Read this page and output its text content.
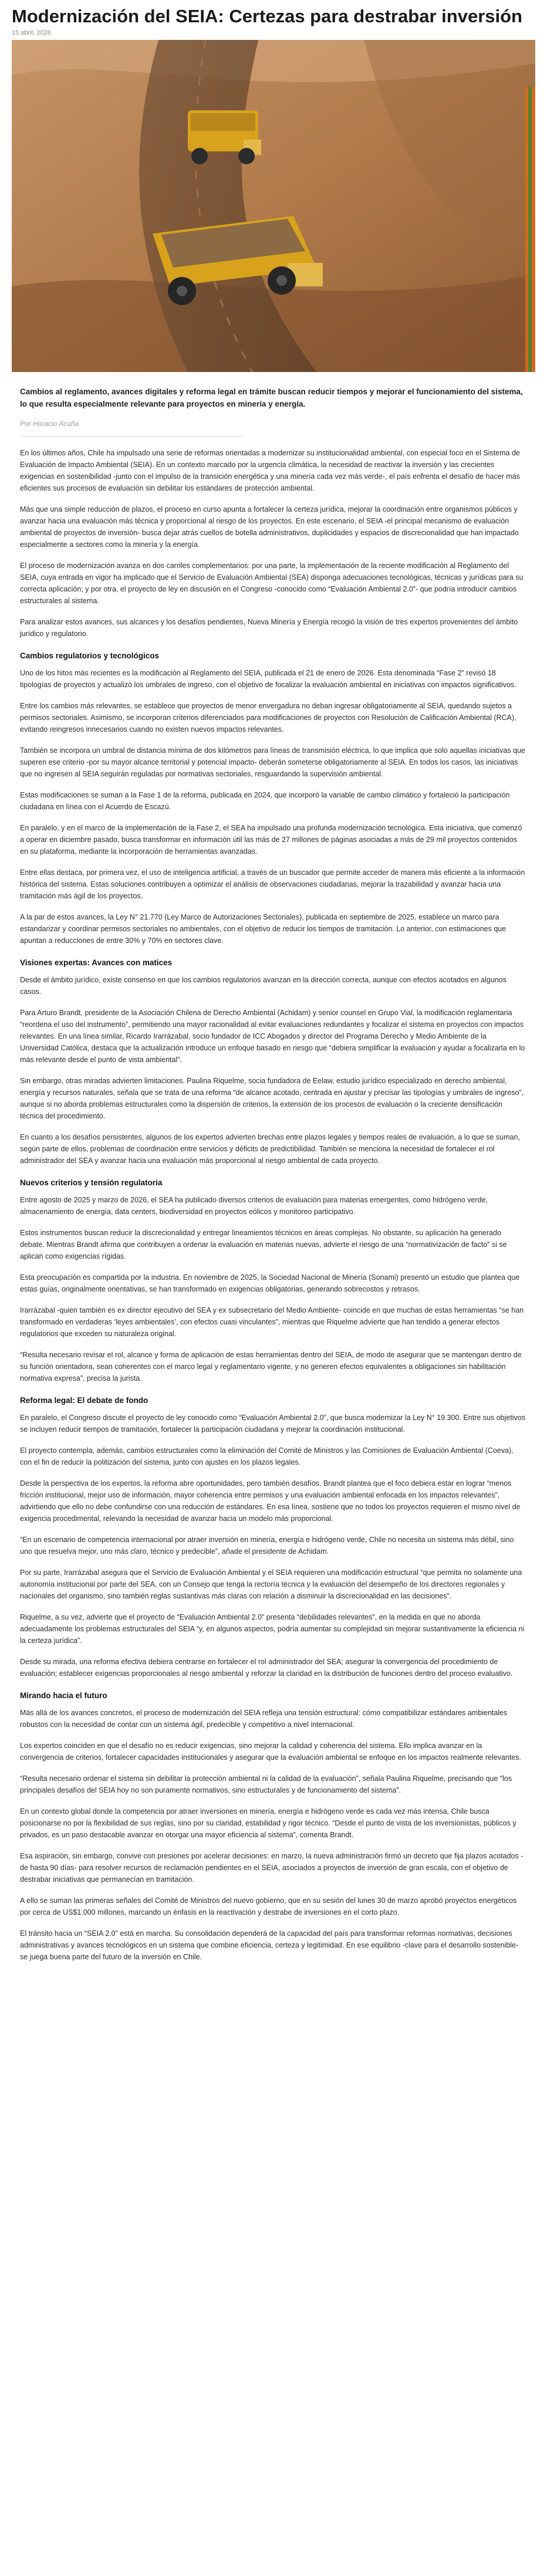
Modernización del SEIA: Certezas para destrabar inversión
15 abril, 2026

Cambios al reglamento, avances digitales y reforma legal en trámite buscan reducir tiempos y mejorar el funcionamiento del sistema, lo que resulta especialmente relevante para proyectos en minería y energía.

Por Horacio Acuña

En los últimos años, Chile ha impulsado una serie de reformas orientadas a modernizar su institucionalidad ambiental, con especial foco en el Sistema de Evaluación de Impacto Ambiental (SEIA). En un contexto marcado por la urgencia climática, la necesidad de reactivar la inversión y las crecientes exigencias en sostenibilidad -junto con el impulso de la transición energética y una minería cada vez más verde-, el país enfrenta el desafío de hacer más eficientes sus procesos de evaluación sin debilitar los estándares de protección ambiental.

Más que una simple reducción de plazos, el proceso en curso apunta a fortalecer la certeza jurídica, mejorar la coordinación entre organismos públicos y avanzar hacia una evaluación más técnica y proporcional al riesgo de los proyectos. En este escenario, el SEIA -el principal mecanismo de evaluación ambiental de proyectos de inversión- busca dejar atrás cuellos de botella administrativos, duplicidades y espacios de discrecionalidad que han impactado especialmente a sectores como la minería y la energía.

El proceso de modernización avanza en dos carriles complementarios: por una parte, la implementación de la reciente modificación al Reglamento del SEIA, cuya entrada en vigor ha implicado que el Servicio de Evaluación Ambiental (SEA) disponga adecuaciones tecnológicas, técnicas y jurídicas para su correcta aplicación; y por otra, el proyecto de ley en discusión en el Congreso -conocido como “Evaluación Ambiental 2.0”- que podría introducir cambios estructurales al sistema.

Para analizar estos avances, sus alcances y los desafíos pendientes, Nueva Minería y Energía recogió la visión de tres expertos provenientes del ámbito jurídico y regulatorio.

Cambios regulatorios y tecnológicos

Uno de los hitos más recientes es la modificación al Reglamento del SEIA, publicada el 21 de enero de 2026. Esta denominada “Fase 2” revisó 18 tipologías de proyectos y actualizó los umbrales de ingreso, con el objetivo de focalizar la evaluación ambiental en iniciativas con impactos significativos.

Entre los cambios más relevantes, se establece que proyectos de menor envergadura no deban ingresar obligatoriamente al SEIA, quedando sujetos a permisos sectoriales. Asimismo, se incorporan criterios diferenciados para modificaciones de proyectos con Resolución de Calificación Ambiental (RCA), evitando reingresos innecesarios cuando no existen nuevos impactos relevantes.

También se incorpora un umbral de distancia mínima de dos kilómetros para líneas de transmisión eléctrica, lo que implica que solo aquellas iniciativas que superen ese criterio -por su mayor alcance territorial y potencial impacto- deberán someterse obligatoriamente al SEIA. En todos los casos, las iniciativas que no ingresen al SEIA seguirán reguladas por normativas sectoriales, resguardando la supervisión ambiental.

Estas modificaciones se suman a la Fase 1 de la reforma, publicada en 2024, que incorporó la variable de cambio climático y fortaleció la participación ciudadana en línea con el Acuerdo de Escazú.

En paralelo, y en el marco de la implementación de la Fase 2, el SEA ha impulsado una profunda modernización tecnológica. Esta iniciativa, que comenzó a operar en diciembre pasado, busca transformar en información útil las más de 27 millones de páginas asociadas a más de 29 mil proyectos contenidos en su plataforma, mediante la incorporación de herramientas avanzadas.

Entre ellas destaca, por primera vez, el uso de inteligencia artificial, a través de un buscador que permite acceder de manera más eficiente a la información histórica del sistema. Estas soluciones contribuyen a optimizar el análisis de observaciones ciudadanas, mejorar la trazabilidad y avanzar hacia una tramitación más ágil de los proyectos.

A la par de estos avances, la Ley N° 21.770 (Ley Marco de Autorizaciones Sectoriales), publicada en septiembre de 2025, establece un marco para estandarizar y coordinar permisos sectoriales no ambientales, con el objetivo de reducir los tiempos de tramitación. Lo anterior, con estimaciones que apuntan a reducciones de entre 30% y 70% en sectores clave.

Visiones expertas: Avances con matices

Desde el ámbito jurídico, existe consenso en que los cambios regulatorios avanzan en la dirección correcta, aunque con efectos acotados en algunos casos.

Para Arturo Brandt, presidente de la Asociación Chilena de Derecho Ambiental (Achidam) y senior counsel en Grupo Vial, la modificación reglamentaria “reordena el uso del instrumento”, permitiendo una mayor racionalidad al evitar evaluaciones redundantes y focalizar el sistema en proyectos con impactos relevantes. En una línea similar, Ricardo Irarrázabal, socio fundador de ICC Abogados y director del Programa Derecho y Medio Ambiente de la Universidad Católica, destaca que la actualización introduce un enfoque basado en riesgo que “debiera simplificar la evaluación y ayudar a focalizarla en lo más relevante desde el punto de vista ambiental”.

Sin embargo, otras miradas advierten limitaciones. Paulina Riquelme, socia fundadora de Eelaw, estudio jurídico especializado en derecho ambiental, energía y recursos naturales, señala que se trata de una reforma “de alcance acotado, centrada en ajustar y precisar las tipologías y umbrales de ingreso”, aunque si no aborda problemas estructurales como la dispersión de criterios, la extensión de los procesos de evaluación o la creciente densificación técnica del procedimiento.

En cuanto a los desafíos persistentes, algunos de los expertos advierten brechas entre plazos legales y tiempos reales de evaluación, a lo que se suman, según parte de ellos, problemas de coordinación entre servicios y déficits de predictibilidad. También se menciona la necesidad de fortalecer el rol administrador del SEA y avanzar hacia una evaluación más proporcional al riesgo ambiental de cada proyecto.

Nuevos criterios y tensión regulatoria

Entre agosto de 2025 y marzo de 2026, el SEA ha publicado diversos criterios de evaluación para materias emergentes, como hidrógeno verde, almacenamiento de energía, data centers, biodiversidad en proyectos eólicos y monitoreo participativo.

Estos instrumentos buscan reducir la discrecionalidad y entregar lineamientos técnicos en áreas complejas. No obstante, su aplicación ha generado debate. Mientras Brandt afirma que contribuyen a ordenar la evaluación en materias nuevas, advierte el riesgo de una “normativización de facto” si se aplican como exigencias rígidas.

Esta preocupación es compartida por la industria. En noviembre de 2025, la Sociedad Nacional de Minería (Sonami) presentó un estudio que plantea que estas guías, originalmente orientativas, se han transformado en exigencias obligatorias, generando sobrecostos y retrasos.

Irarrázabal -quien también es ex director ejecutivo del SEA y ex subsecretario del Medio Ambiente- coincide en que muchas de estas herramientas “se han transformado en verdaderas ‘leyes ambientales’, con efectos cuasi vinculantes”, mientras que Riquelme advierte que han tendido a generar efectos regulatorios que exceden su naturaleza original.

“Resulta necesario revisar el rol, alcance y forma de aplicación de estas herramientas dentro del SEIA, de modo de asegurar que se mantengan dentro de su función orientadora, sean coherentes con el marco legal y reglamentario vigente, y no generen efectos equivalentes a obligaciones sin habilitación normativa expresa”, precisa la jurista.

Reforma legal: El debate de fondo

En paralelo, el Congreso discute el proyecto de ley conocido como “Evaluación Ambiental 2.0”, que busca modernizar la Ley N° 19.300. Entre sus objetivos se incluyen reducir tiempos de tramitación, fortalecer la participación ciudadana y mejorar la coordinación institucional.

El proyecto contempla, además, cambios estructurales como la eliminación del Comité de Ministros y las Comisiones de Evaluación Ambiental (Coeva), con el fin de reducir la politización del sistema, junto con ajustes en los plazos legales.

Desde la perspectiva de los expertos, la reforma abre oportunidades, pero también desafíos. Brandt plantea que el foco debiera estar en lograr “menos fricción institucional, mejor uso de información, mayor coherencia entre permisos y una evaluación ambiental enfocada en los impactos relevantes”, advirtiendo que ello no debe confundirse con una reducción de estándares. En esa línea, sostiene que no todos los proyectos requieren el mismo nivel de exigencia procedimental, relevando la necesidad de avanzar hacia un modelo más proporcional.

“En un escenario de competencia internacional por atraer inversión en minería, energía e hidrógeno verde, Chile no necesita un sistema más débil, sino uno que resuelva mejor, uno más claro, técnico y predecible”, añade el presidente de Achidam.

Por su parte, Irarrázabal asegura que el Servicio de Evaluación Ambiental y el SEIA requieren una modificación estructural “que permita no solamente una autonomía institucional por parte del SEA, con un Consejo que tenga la rectoría técnica y la evaluación del desempeño de los directores regionales y nacionales del organismo, sino también reglas sustantivas más claras con relación a disminuir la discrecionalidad en las decisiones”.

Riquelme, a su vez, advierte que el proyecto de “Evaluación Ambiental 2.0” presenta “debilidades relevantes”, en la medida en que no aborda adecuadamente los problemas estructurales del SEIA “y, en algunos aspectos, podría aumentar su complejidad sin mejorar sustantivamente la eficiencia ni la certeza jurídica”.

Desde su mirada, una reforma efectiva debiera centrarse en fortalecer el rol administrador del SEA; asegurar la convergencia del procedimiento de evaluación; establecer exigencias proporcionales al riesgo ambiental y reforzar la claridad en la distribución de funciones dentro del proceso evaluativo.

Mirando hacia el futuro

Más allá de los avances concretos, el proceso de modernización del SEIA refleja una tensión estructural: cómo compatibilizar estándares ambientales robustos con la necesidad de contar con un sistema ágil, predecible y competitivo a nivel internacional.

Los expertos coinciden en que el desafío no es reducir exigencias, sino mejorar la calidad y coherencia del sistema. Ello implica avanzar en la convergencia de criterios, fortalecer capacidades institucionales y asegurar que la evaluación ambiental se enfoque en los impactos realmente relevantes.

“Resulta necesario ordenar el sistema sin debilitar la protección ambiental ni la calidad de la evaluación”, señala Paulina Riquelme, precisando que “los principales desafíos del SEIA hoy no son puramente normativos, sino estructurales y de funcionamiento del sistema”.

En un contexto global donde la competencia por atraer inversiones en minería, energía e hidrógeno verde es cada vez más intensa, Chile busca posicionarse no por la flexibilidad de sus reglas, sino por su claridad, estabilidad y rigor técnico. “Desde el punto de vista de los inversionistas, públicos y privados, es un paso destacable avanzar en otorgar una mayor eficiencia al sistema”, comenta Brandt.

Esa aspiración, sin embargo, convive con presiones por acelerar decisiones: en marzo, la nueva administración firmó un decreto que fija plazos acotados -de hasta 90 días- para resolver recursos de reclamación pendientes en el SEIA, asociados a proyectos de inversión de gran escala, con el objetivo de destrabar iniciativas que permanecían en tramitación.

A ello se suman las primeras señales del Comité de Ministros del nuevo gobierno, que en su sesión del lunes 30 de marzo aprobó proyectos energéticos por cerca de US$1.000 millones, marcando un énfasis en la reactivación y destrabe de inversiones en el corto plazo.

El tránsito hacia un “SEIA 2.0” está en marcha. Su consolidación dependerá de la capacidad del país para transformar reformas normativas, decisiones administrativas y avances tecnológicos en un sistema que combine eficiencia, certeza y legitimidad. En ese equilibrio -clave para el desarrollo sostenible- se juega buena parte del futuro de la inversión en Chile.
